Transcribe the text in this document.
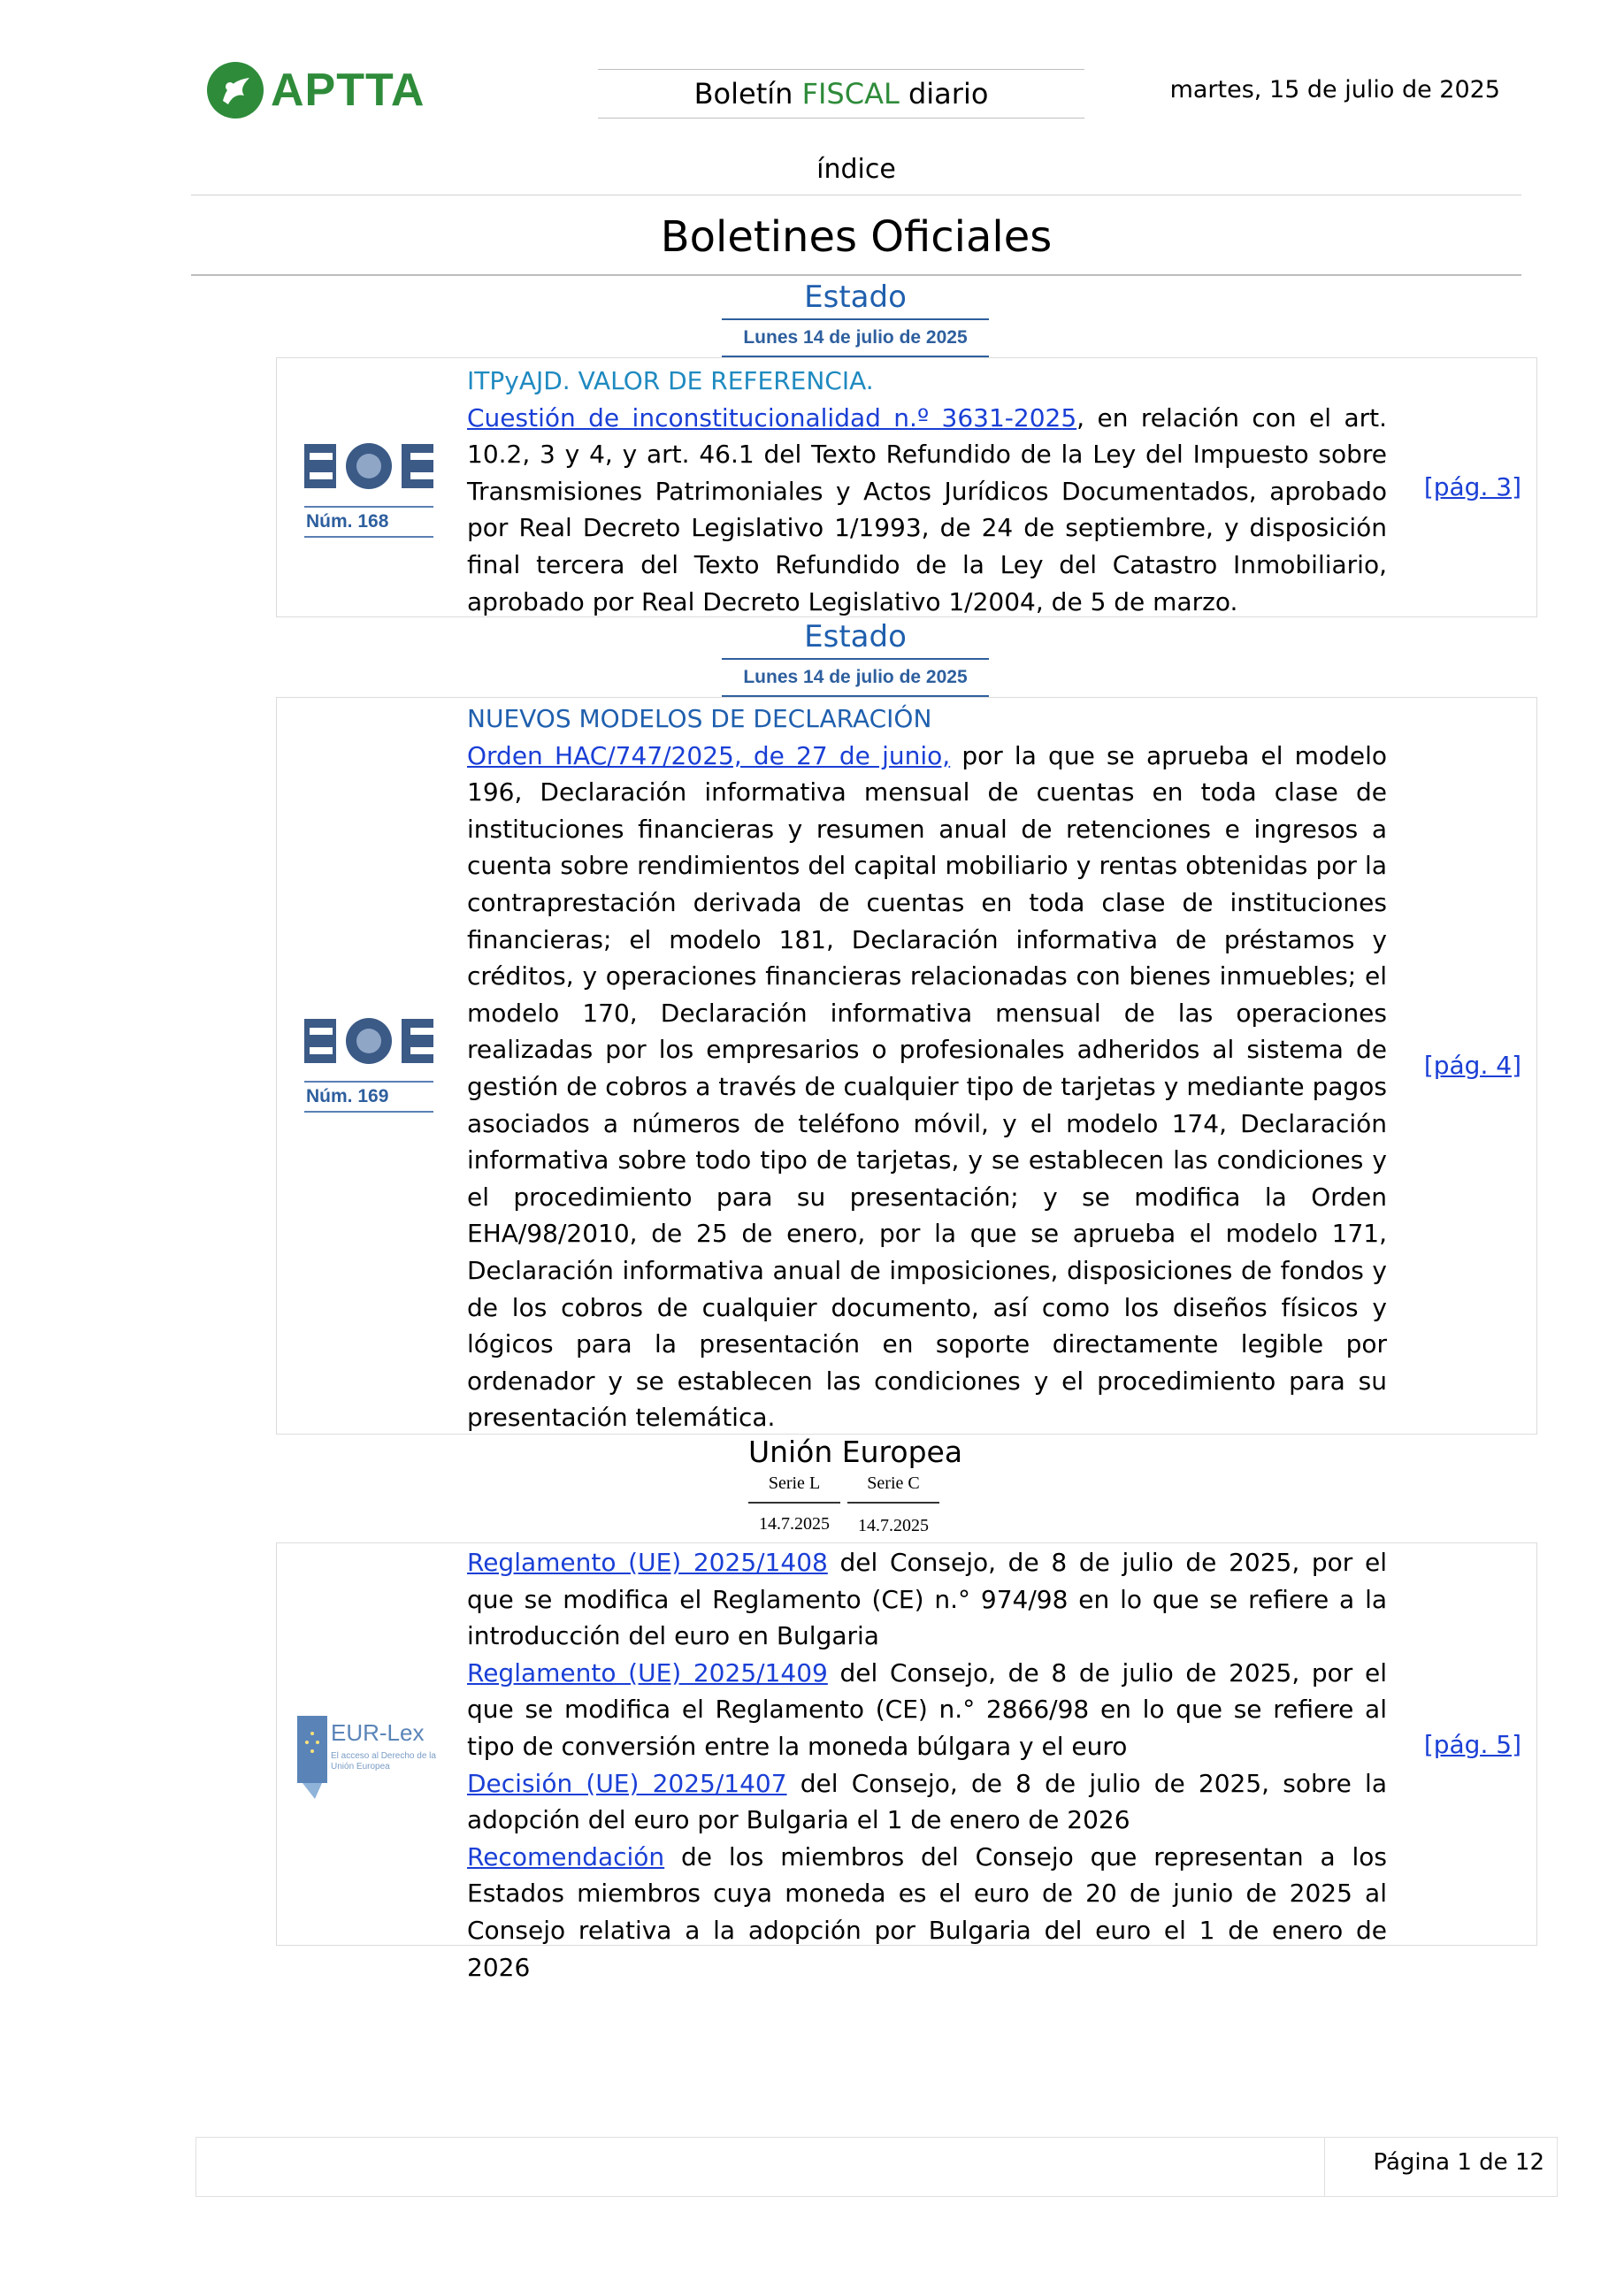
APTTA	Boletín
FISCAL
diario	martes, 15 de julio de 2025
índice
Boletines Oficiales
Estado
Lunes 14 de julio de 2025
Núm. 168
ITPyAJD. VALOR DE REFERENCIA.
Cuestión de inconstitucionalidad n.º 3631-2025, en relación con el art. 10.2, 3 y 4, y art. 46.1 del Texto Refundido de la Ley del Impuesto sobre Transmisiones Patrimoniales y Actos Jurídicos Documentados, aprobado por Real Decreto Legislativo 1/1993, de 24 de septiembre, y disposición final tercera del Texto Refundido de la Ley del Catastro Inmobiliario, aprobado por Real Decreto Legislativo 1/2004, de 5 de marzo.
[pág. 3]
Estado
Lunes 14 de julio de 2025
Núm. 169
NUEVOS MODELOS DE DECLARACIÓN
Orden HAC/747/2025, de 27 de junio, por la que se aprueba el modelo 196, Declaración informativa mensual de cuentas en toda clase de instituciones financieras y resumen anual de retenciones e ingresos a cuenta sobre rendimientos del capital mobiliario y rentas obtenidas por la contraprestación derivada de cuentas en toda clase de instituciones financieras; el modelo 181, Declaración informativa de préstamos y créditos, y operaciones financieras relacionadas con bienes inmuebles; el modelo 170, Declaración informativa mensual de las operaciones realizadas por los empresarios o profesionales adheridos al sistema de gestión de cobros a través de cualquier tipo de tarjetas y mediante pagos asociados a números de teléfono móvil, y el modelo 174, Declaración informativa sobre todo tipo de tarjetas, y se establecen las condiciones y el procedimiento para su presentación; y se modifica la Orden EHA/98/2010, de 25 de enero, por la que se aprueba el modelo 171, Declaración informativa anual de imposiciones, disposiciones de fondos y de los cobros de cualquier documento, así como los diseños físicos y lógicos para la presentación en soporte directamente legible por ordenador y se establecen las condiciones y el procedimiento para su presentación telemática.
[pág. 4]
Unión Europea
Serie L	Serie C
14.7.2025	14.7.2025
EUR-Lex
El acceso al Derecho de la Unión Europea
Reglamento (UE) 2025/1408 del Consejo, de 8 de julio de 2025, por el que se modifica el Reglamento (CE) n.° 974/98 en lo que se refiere a la introducción del euro en Bulgaria
Reglamento (UE) 2025/1409 del Consejo, de 8 de julio de 2025, por el que se modifica el Reglamento (CE) n.° 2866/98 en lo que se refiere al tipo de conversión entre la moneda búlgara y el euro
Decisión (UE) 2025/1407 del Consejo, de 8 de julio de 2025, sobre la adopción del euro por Bulgaria el 1 de enero de 2026
Recomendación de los miembros del Consejo que representan a los Estados miembros cuya moneda es el euro de 20 de junio de 2025 al Consejo relativa a la adopción por Bulgaria del euro el 1 de enero de 2026
[pág. 5]
Página 1 de 12
